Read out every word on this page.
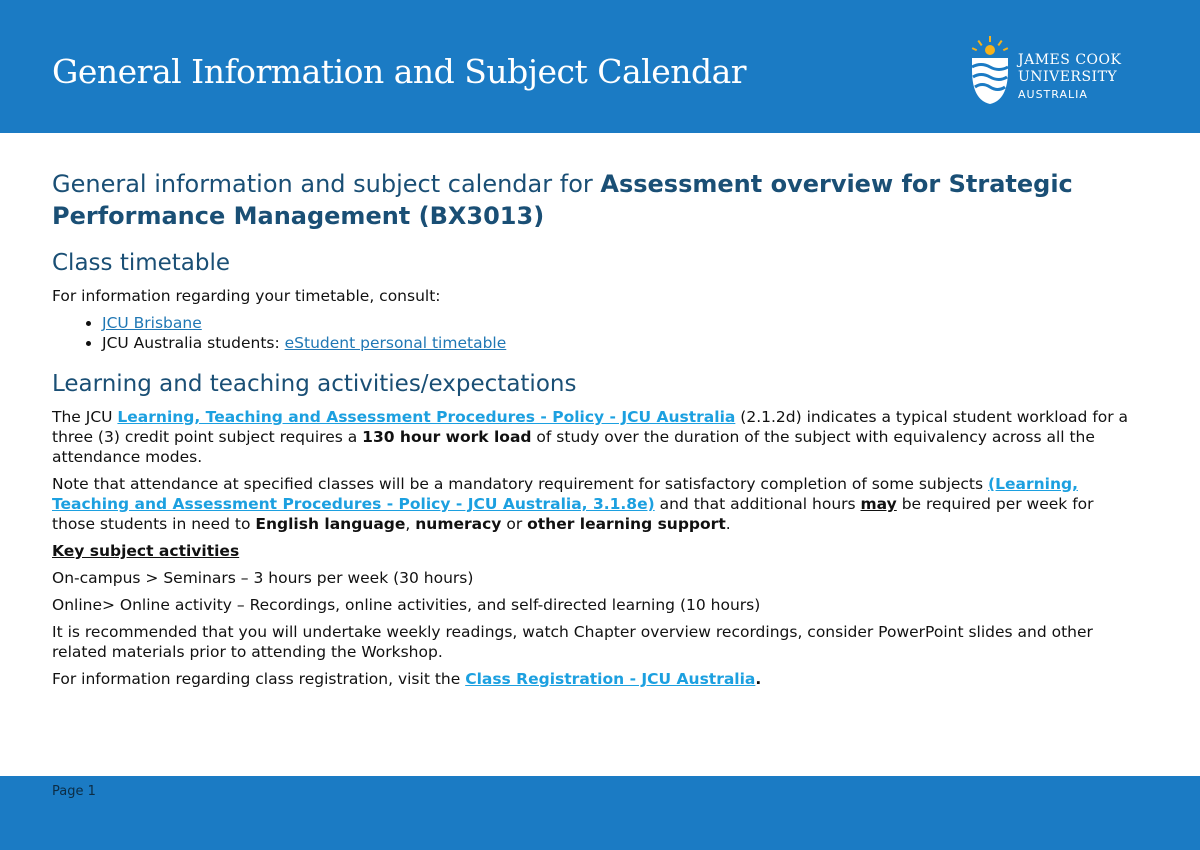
General Information and Subject Calendar	JAMES COOK
UNIVERSITY
AUSTRALIA
General information and subject calendar for Assessment overview for Strategic Performance Management (BX3013)
Class timetable

For information regarding your timetable, consult:

• JCU Brisbane
• JCU Australia students: eStudent personal timetable
Learning and teaching activities/expectations

The JCU Learning, Teaching and Assessment Procedures - Policy - JCU Australia (2.1.2d) indicates a typical student workload for a three (3) credit point subject requires a 130 hour work load of study over the duration of the subject with equivalency across all the attendance modes.

Note that attendance at specified classes will be a mandatory requirement for satisfactory completion of some subjects (Learning, Teaching and Assessment Procedures - Policy - JCU Australia, 3.1.8e) and that additional hours may be required per week for those students in need to English language, numeracy or other learning support.

Key subject activities

On-campus > Seminars – 3 hours per week (30 hours)

Online> Online activity – Recordings, online activities, and self-directed learning (10 hours)

It is recommended that you will undertake weekly readings, watch Chapter overview recordings, consider PowerPoint slides and other related materials prior to attending the Workshop.

For information regarding class registration, visit the Class Registration - JCU Australia.

Page 1
